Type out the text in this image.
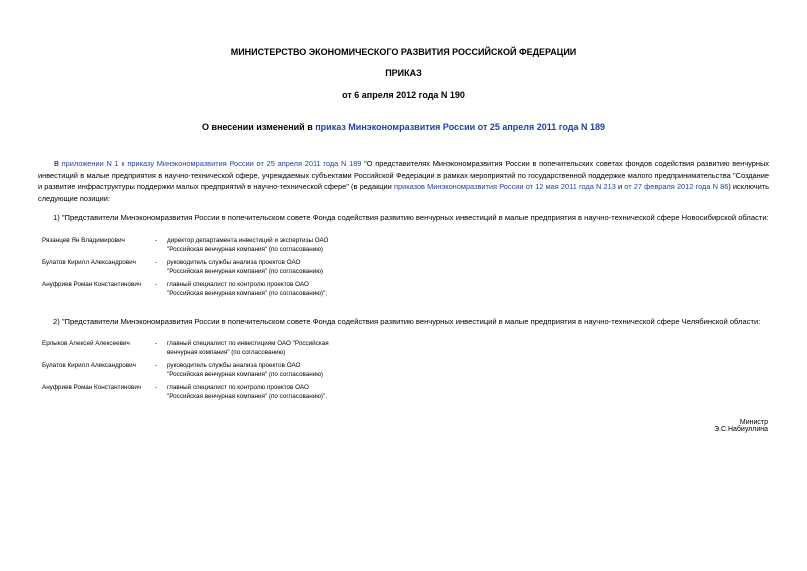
МИНИСТЕРСТВО ЭКОНОМИЧЕСКОГО РАЗВИТИЯ РОССИЙСКОЙ ФЕДЕРАЦИИ
ПРИКАЗ
от 6 апреля 2012 года N 190
О внесении изменений в приказ Минэкономразвития России от 25 апреля 2011 года N 189
В приложении N 1 к приказу Минэкономразвития России от 25 апреля 2011 года N 189 "О представителях Минэкономразвития России в попечительских советах фондов содействия развитию венчурных инвестиций в малые предприятия в научно-технической сфере, учреждаемых субъектами Российской Федерации в рамках мероприятий по государственной поддержке малого предпринимательства "Создание и развитие инфраструктуры поддержки малых предприятий в научно-технической сфере" (в редакции приказов Минэкономразвития России от 12 мая 2011 года N 213 и от 27 февраля 2012 года N 86) исключить следующие позиции:
1) "Представители Минэкономразвития России в попечительском совете Фонда содействия развитию венчурных инвестиций в малые предприятия в научно-технической сфере Новосибирской области:
Рязанцев Ян Владимирович	-	директор департамента инвестиций и экспертизы ОАО
"Российская венчурная компания" (по согласованию)
Булатов Кирилл Александрович	-	руководитель службы анализа проектов ОАО
"Российская венчурная компания" (по согласованию)
Ануфриев Роман Константинович	-	главный специалист по контролю проектов ОАО
"Российская венчурная компания" (по согласованию)";
2) "Представители Минэкономразвития России в попечительском совете Фонда содействия развитию венчурных инвестиций в малые предприятия в научно-технической сфере Челябинской области:
Ерлыков Алексей Алексеевич	-	главный специалист по инвестициям ОАО "Российская
венчурная компания" (по согласованию)
Булатов Кирилл Александрович	-	руководитель службы анализа проектов ОАО
"Российская венчурная компания" (по согласованию)
Ануфриев Роман Константинович	-	главный специалист по контролю проектов ОАО
"Российская венчурная компания" (по согласованию)".
Министр
Э.С.Набиуллина
